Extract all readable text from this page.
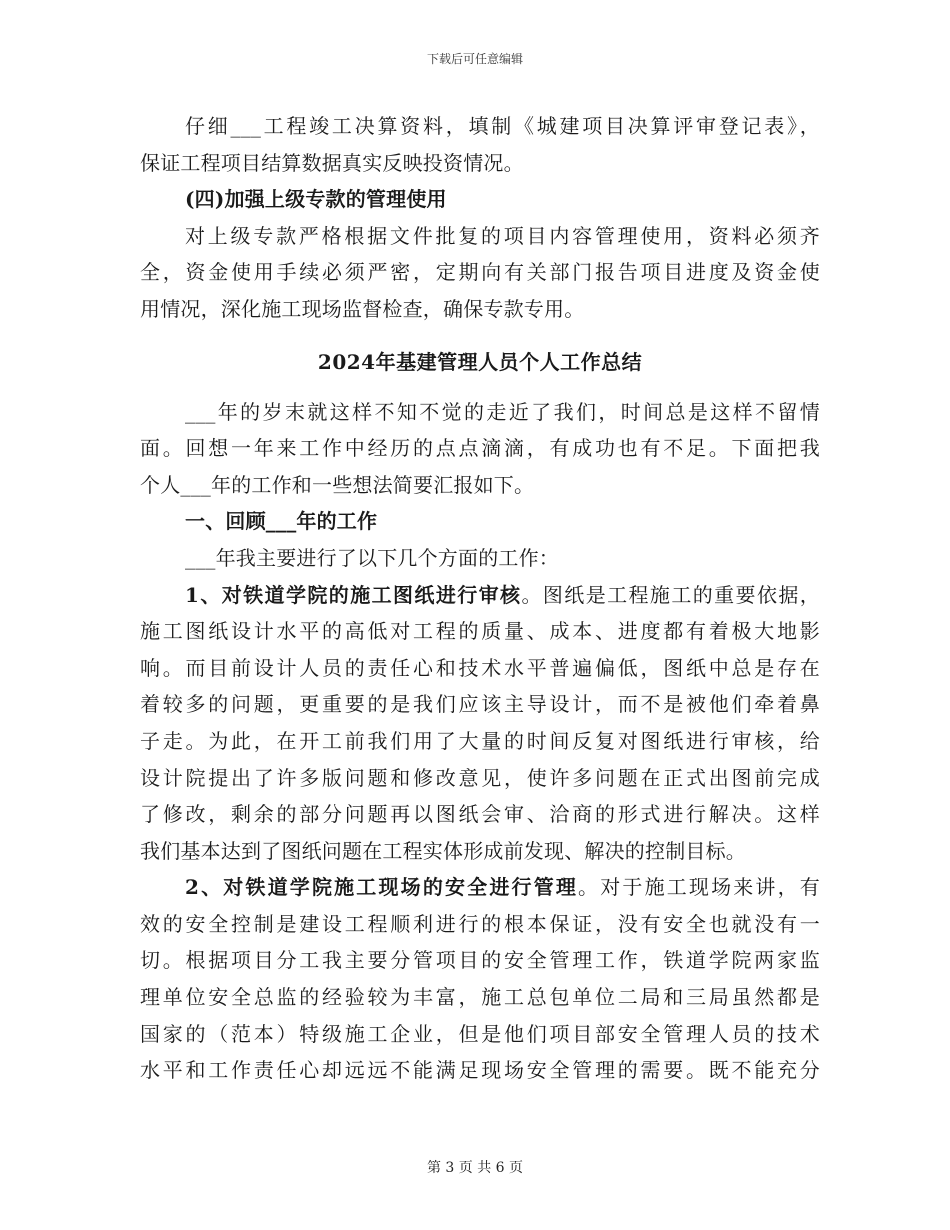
下载后可任意编辑
仔细___工程竣工决算资料，填制《城建项目决算评审登记表》，
保证工程项目结算数据真实反映投资情况。
(四)加强上级专款的管理使用
对上级专款严格根据文件批复的项目内容管理使用，资料必须齐
全，资金使用手续必须严密，定期向有关部门报告项目进度及资金使
用情况，深化施工现场监督检查，确保专款专用。
2024年基建管理人员个人工作总结
___年的岁末就这样不知不觉的走近了我们，时间总是这样不留情
面。回想一年来工作中经历的点点滴滴，有成功也有不足。下面把我
个人___年的工作和一些想法简要汇报如下。
一、回顾___年的工作
___年我主要进行了以下几个方面的工作：
1、对铁道学院的施工图纸进行审核。图纸是工程施工的重要依据，
施工图纸设计水平的高低对工程的质量、成本、进度都有着极大地影
响。而目前设计人员的责任心和技术水平普遍偏低，图纸中总是存在
着较多的问题，更重要的是我们应该主导设计，而不是被他们牵着鼻
子走。为此，在开工前我们用了大量的时间反复对图纸进行审核，给
设计院提出了许多版问题和修改意见，使许多问题在正式出图前完成
了修改，剩余的部分问题再以图纸会审、洽商的形式进行解决。这样
我们基本达到了图纸问题在工程实体形成前发现、解决的控制目标。
2、对铁道学院施工现场的安全进行管理。对于施工现场来讲，有
效的安全控制是建设工程顺利进行的根本保证，没有安全也就没有一
切。根据项目分工我主要分管项目的安全管理工作，铁道学院两家监
理单位安全总监的经验较为丰富，施工总包单位二局和三局虽然都是
国家的（范本）特级施工企业，但是他们项目部安全管理人员的技术
水平和工作责任心却远远不能满足现场安全管理的需要。既不能充分
第 3 页 共 6 页
